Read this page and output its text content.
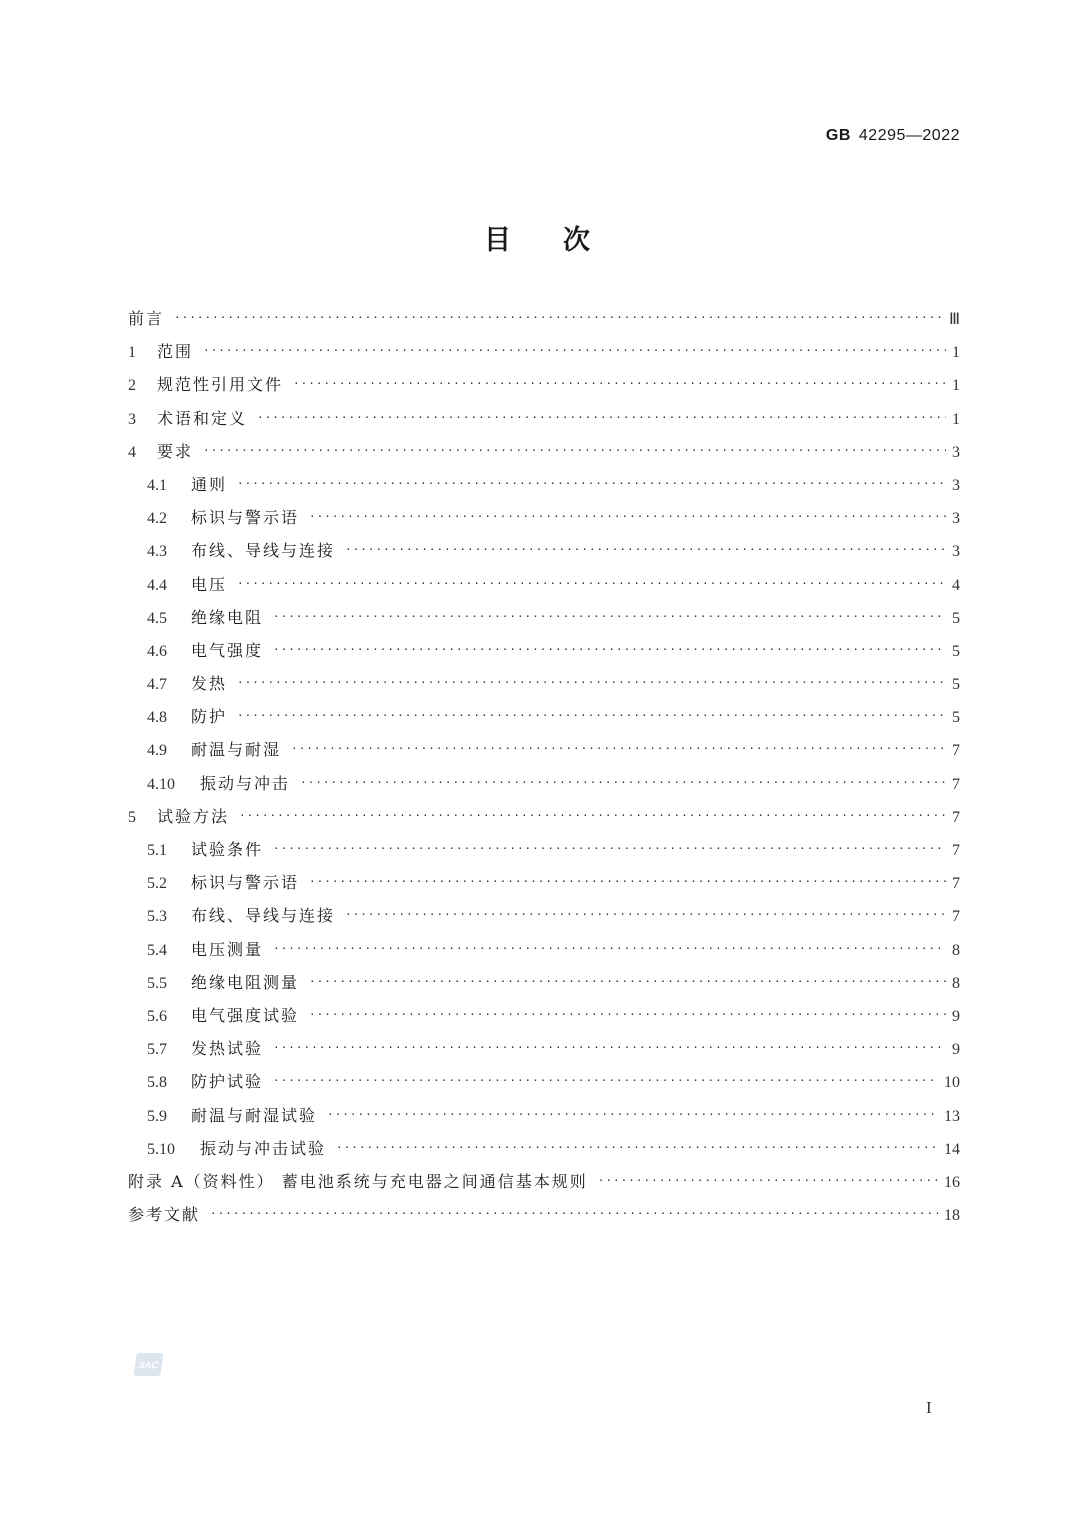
GB 42295—2022
目次
前言 ·····	Ⅲ
1	范围 ·····	1
2	规范性引用文件 ·····	1
3	术语和定义 ·····	1
4	要求 ·····	3
4.1	通则 ·····	3
4.2	标识与警示语 ·····	3
4.3	布线、导线与连接 ·····	3
4.4	电压 ·····	4
4.5	绝缘电阻 ·····	5
4.6	电气强度 ·····	5
4.7	发热 ·····	5
4.8	防护 ·····	5
4.9	耐温与耐湿 ·····	7
4.10	振动与冲击 ·····	7
5	试验方法 ·····	7
5.1	试验条件 ·····	7
5.2	标识与警示语 ·····	7
5.3	布线、导线与连接 ·····	7
5.4	电压测量 ·····	8
5.5	绝缘电阻测量 ·····	8
5.6	电气强度试验 ·····	9
5.7	发热试验 ·····	9
5.8	防护试验 ·····	10
5.9	耐温与耐湿试验 ·····	13
5.10	振动与冲击试验 ·····	14
附录 A（资料性） 蓄电池系统与充电器之间通信基本规则 ·····	16
参考文献 ·····	18
SAC
I
